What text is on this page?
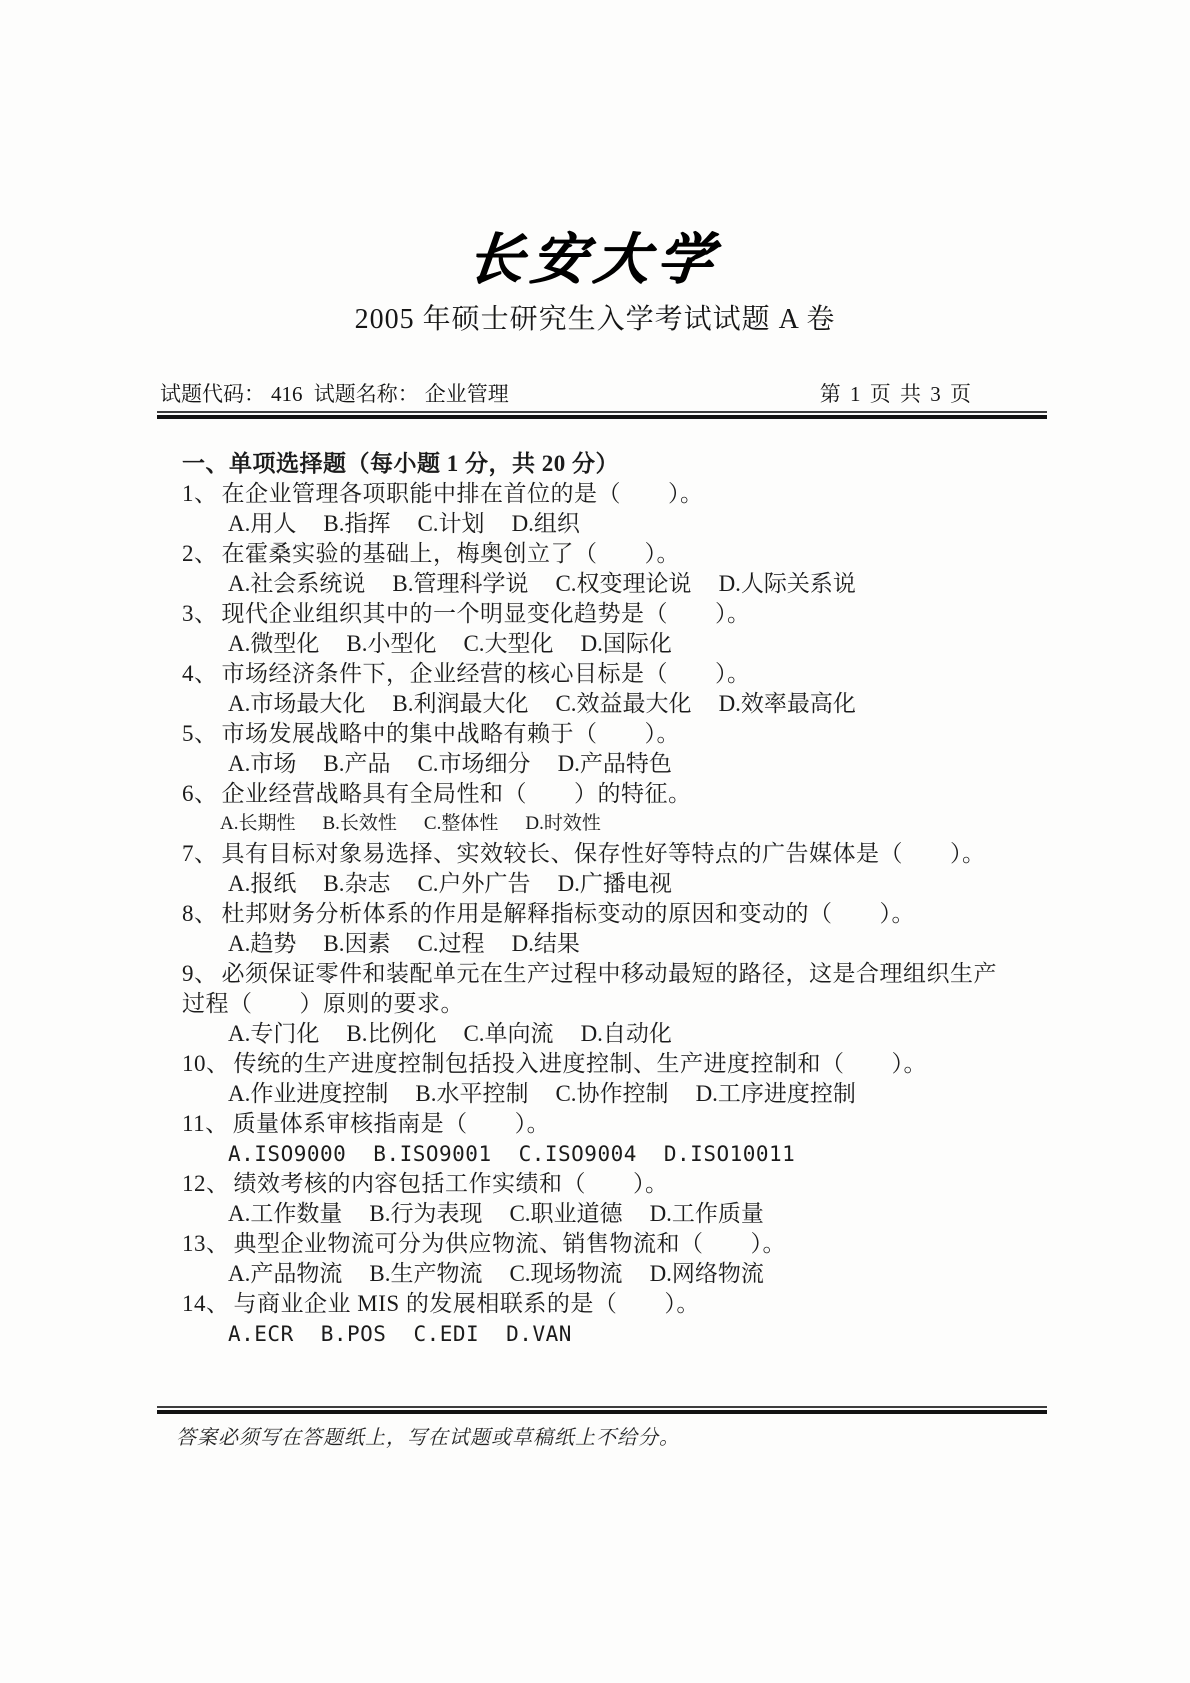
长安大学
2005 年硕士研究生入学考试试题 A 卷
试题代码： 416 试题名称： 企业管理	第 1 页 共 3 页
一、单项选择题（每小题 1 分，共 20 分）
1、 在企业管理各项职能中排在首位的是（　　）。
A.用人 B.指挥 C.计划 D.组织
2、 在霍桑实验的基础上，梅奥创立了（　　）。
A.社会系统说 B.管理科学说 C.权变理论说 D.人际关系说
3、 现代企业组织其中的一个明显变化趋势是（　　）。
A.微型化 B.小型化 C.大型化 D.国际化
4、 市场经济条件下，企业经营的核心目标是（　　）。
A.市场最大化 B.利润最大化 C.效益最大化 D.效率最高化
5、 市场发展战略中的集中战略有赖于（　　）。
A.市场 B.产品 C.市场细分 D.产品特色
6、 企业经营战略具有全局性和（　　）的特征。
A.长期性 B.长效性 C.整体性 D.时效性
7、 具有目标对象易选择、实效较长、保存性好等特点的广告媒体是（　　）。
A.报纸 B.杂志 C.户外广告 D.广播电视
8、 杜邦财务分析体系的作用是解释指标变动的原因和变动的（　　）。
A.趋势 B.因素 C.过程 D.结果
9、 必须保证零件和装配单元在生产过程中移动最短的路径，这是合理组织生产过程（　　）原则的要求。
A.专门化 B.比例化 C.单向流 D.自动化
10、 传统的生产进度控制包括投入进度控制、生产进度控制和（　　）。
A.作业进度控制 B.水平控制 C.协作控制 D.工序进度控制
11、 质量体系审核指南是（　　）。
A.ISO9000 B.ISO9001 C.ISO9004 D.ISO10011
12、 绩效考核的内容包括工作实绩和（　　）。
A.工作数量 B.行为表现 C.职业道德 D.工作质量
13、 典型企业物流可分为供应物流、销售物流和（　　）。
A.产品物流 B.生产物流 C.现场物流 D.网络物流
14、 与商业企业 MIS 的发展相联系的是（　　）。
A.ECR B.POS C.EDI D.VAN
答案必须写在答题纸上，写在试题或草稿纸上不给分。
